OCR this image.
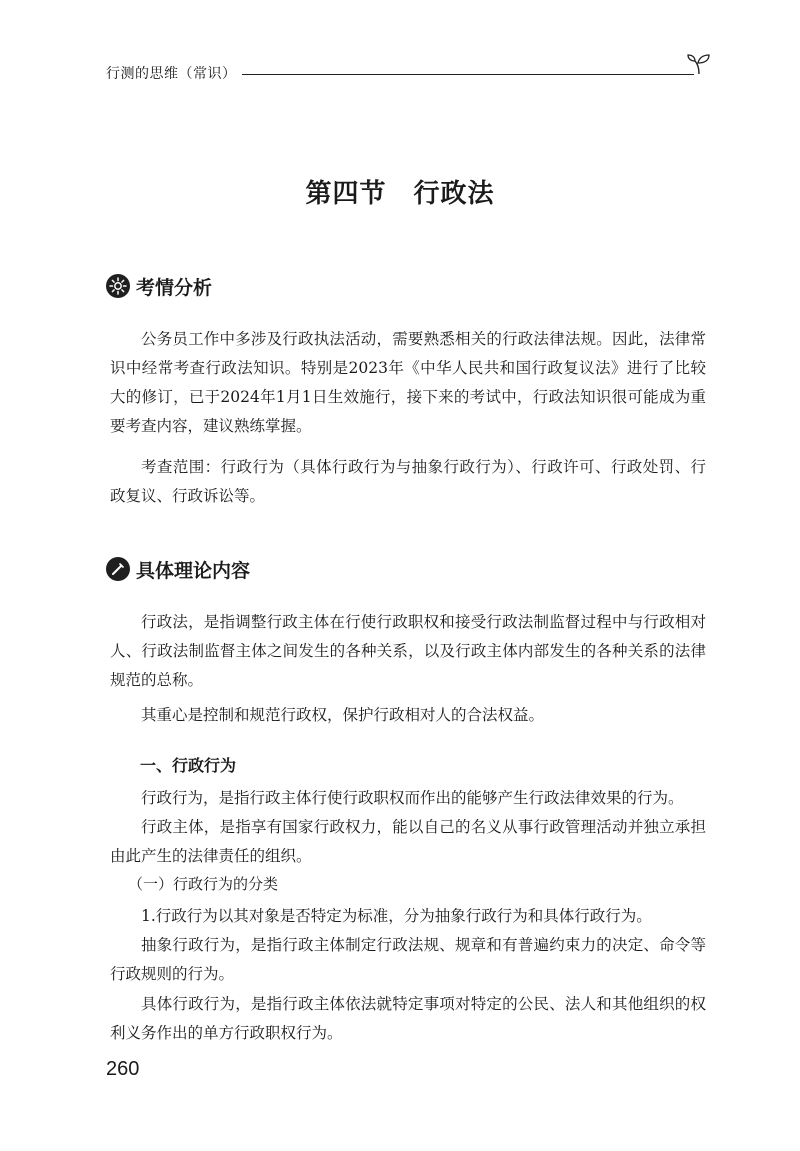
行测的思维（常识）
第四节　行政法
考情分析

公务员工作中多涉及行政执法活动，需要熟悉相关的行政法律法规。因此，法律常识中经常考查行政法知识。特别是2023年《中华人民共和国行政复议法》进行了比较大的修订，已于2024年1月1日生效施行，接下来的考试中，行政法知识很可能成为重要考查内容，建议熟练掌握。

考查范围：行政行为（具体行政行为与抽象行政行为）、行政许可、行政处罚、行政复议、行政诉讼等。

具体理论内容

行政法，是指调整行政主体在行使行政职权和接受行政法制监督过程中与行政相对人、行政法制监督主体之间发生的各种关系，以及行政主体内部发生的各种关系的法律规范的总称。

其重心是控制和规范行政权，保护行政相对人的合法权益。

一、行政行为

行政行为，是指行政主体行使行政职权而作出的能够产生行政法律效果的行为。

行政主体，是指享有国家行政权力，能以自己的名义从事行政管理活动并独立承担由此产生的法律责任的组织。

（一）行政行为的分类

1.行政行为以其对象是否特定为标准，分为抽象行政行为和具体行政行为。

抽象行政行为，是指行政主体制定行政法规、规章和有普遍约束力的决定、命令等行政规则的行为。

具体行政行为，是指行政主体依法就特定事项对特定的公民、法人和其他组织的权利义务作出的单方行政职权行为。

260
